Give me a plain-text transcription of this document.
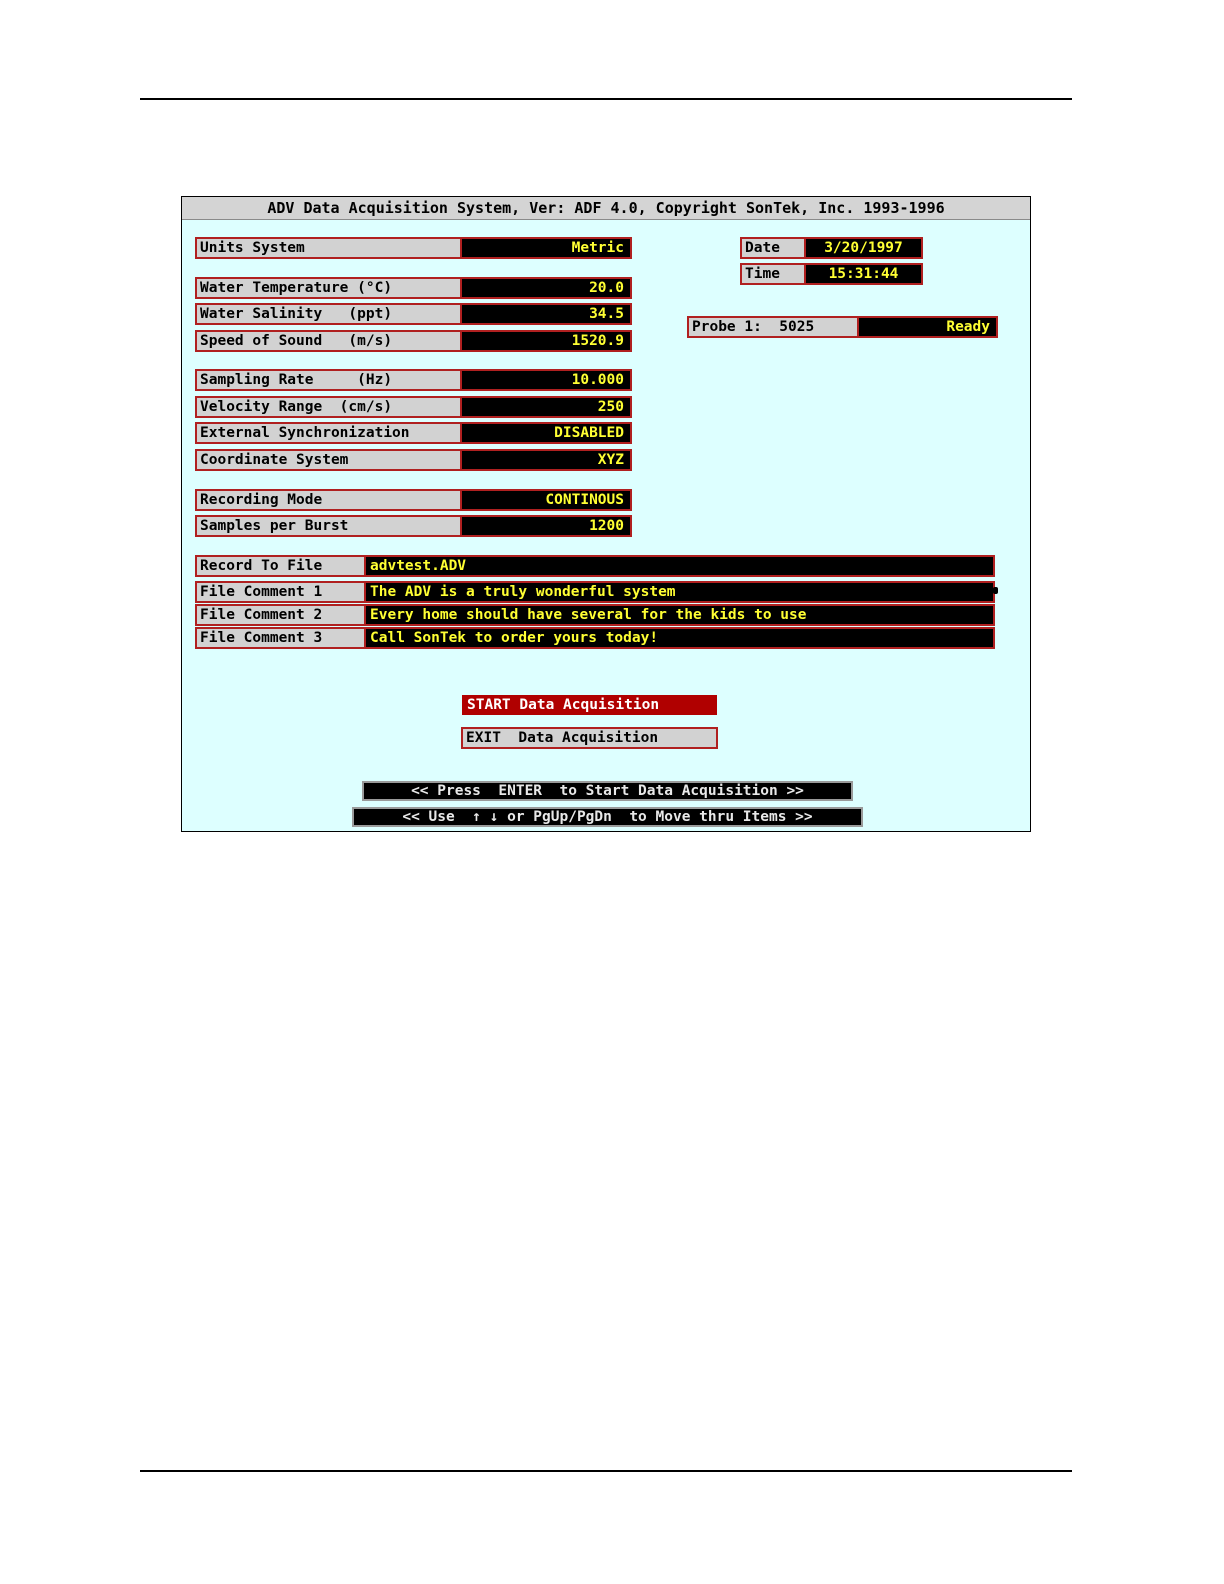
ADV Data Acquisition System, Ver: ADF 4.0, Copyright SonTek, Inc. 1993-1996
Units System	Metric
Water Temperature (°C)	20.0
Water Salinity   (ppt)	34.5
Speed of Sound   (m/s)	1520.9
Sampling Rate     (Hz)	10.000
Velocity Range  (cm/s)	250
External Synchronization	DISABLED
Coordinate System	XYZ
Recording Mode	CONTINOUS
Samples per Burst	1200
Date	3/20/1997
Time	15:31:44
Probe 1:  5025	Ready
Record To File	advtest.ADV
File Comment 1	The ADV is a truly wonderful system
File Comment 2	Every home should have several for the kids to use
File Comment 3	Call SonTek to order yours today!
START Data Acquisition
EXIT  Data Acquisition
<< Press  ENTER  to Start Data Acquisition >>
<< Use  ↑ ↓ or PgUp/PgDn  to Move thru Items >>
